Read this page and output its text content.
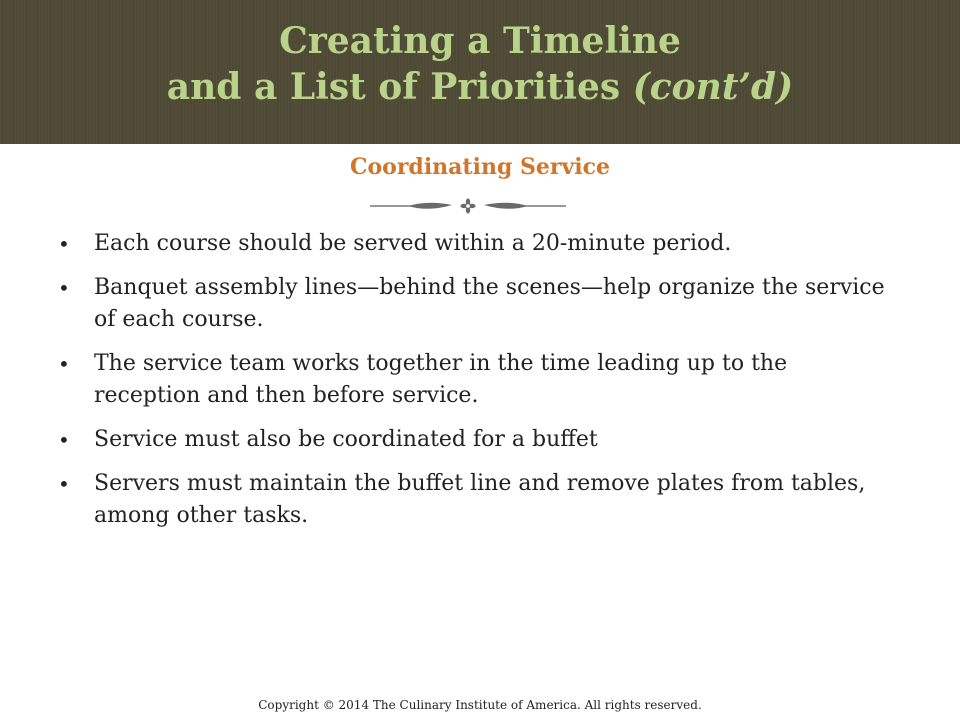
Creating a Timeline
and a List of Priorities (cont’d)
Coordinating Service
• Each course should be served within a 20-minute period.
• Banquet assembly lines—behind the scenes—help organize the service of each course.
• The service team works together in the time leading up to the reception and then before service.
• Service must also be coordinated for a buffet
• Servers must maintain the buffet line and remove plates from tables, among other tasks.
Copyright © 2014 The Culinary Institute of America. All rights reserved.
